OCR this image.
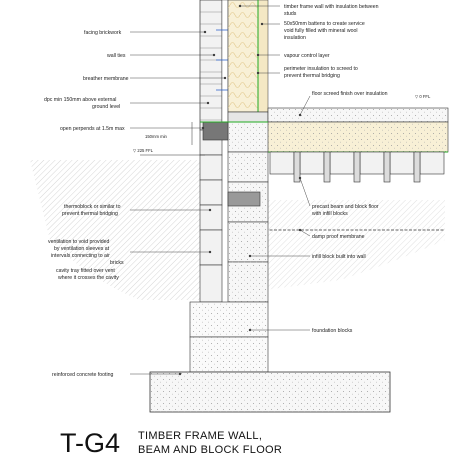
150mm min
▽ 225 FFL
▽ 0 FFL
facing brickwork
wall ties
breather membrane
dpc min 150mm above external
ground level
open perpends at 1.5m max
thermoblock or similar to
prevent thermal bridging
ventilation to void provided
by ventilation sleeves at
intervals connecting to air
bricks
cavity tray fitted over vent
where it crosses the cavity
reinforced concrete footing
timber frame wall with insulation between
studs
50x50mm battens to create service
void fully filled with mineral wool
insulation
vapour control layer
perimeter insulation to screed to
prevent thermal bridging
floor screed finish over insulation
precast beam and block floor
with infill blocks
damp proof membrane
infill block built into wall
foundation blocks
T-G4 TIMBER FRAME WALL,
BEAM AND BLOCK FLOOR
